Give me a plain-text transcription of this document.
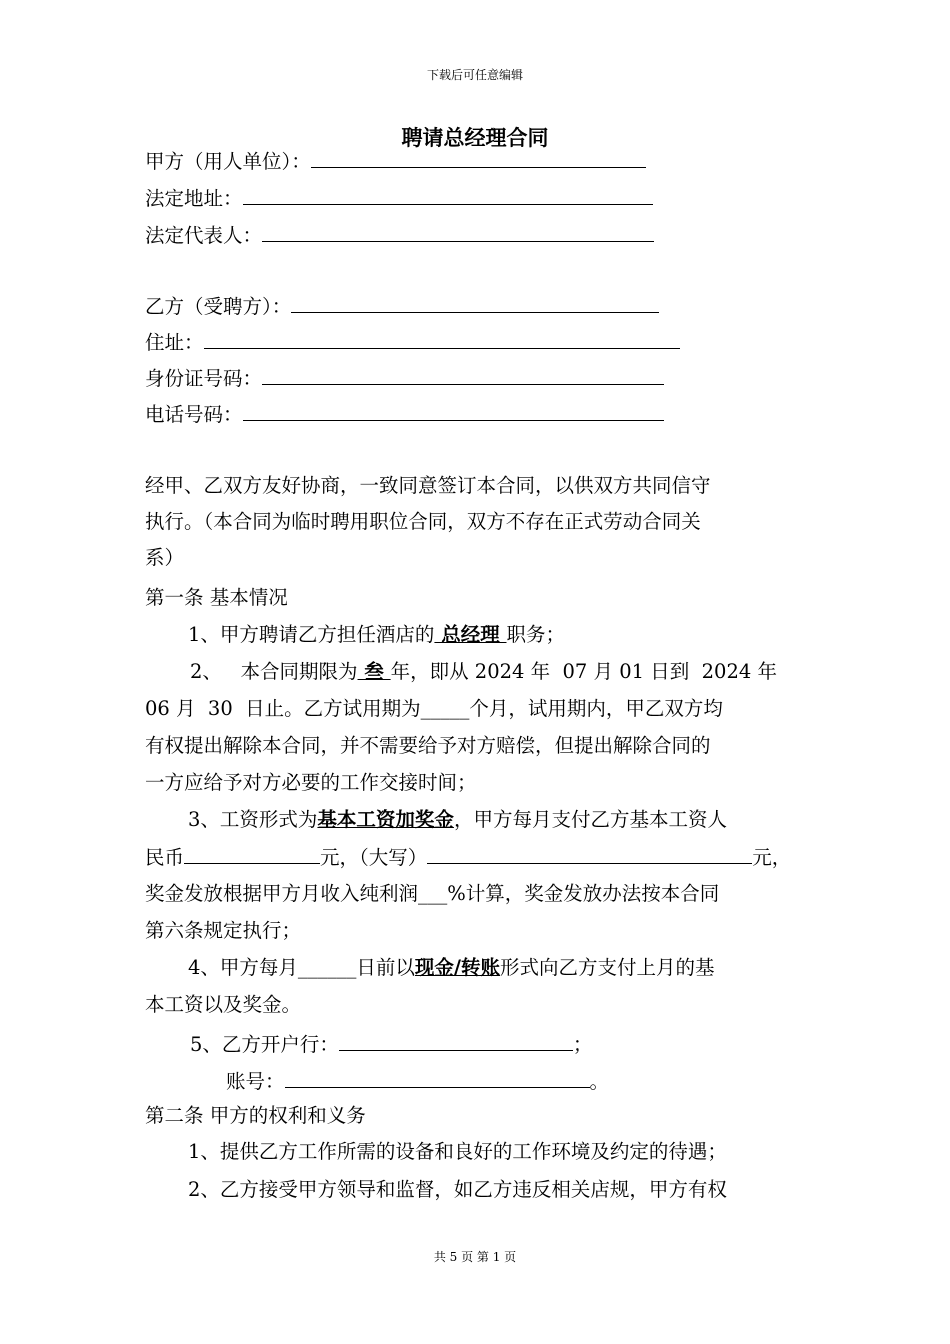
下载后可任意编辑
聘请总经理合同
甲方（用人单位）：
法定地址：
法定代表人：
乙方（受聘方）：
住址：
身份证号码：
电话号码：
经甲、乙双方友好协商，一致同意签订本合同，以供双方共同信守
执行。（本合同为临时聘用职位合同，双方不存在正式劳动合同关
系）
第一条 基本情况
1、甲方聘请乙方担任酒店的 总经理 职务；
2、   本合同期限为 叁 年，即从 2024 年  07 月 01 日到  2024 年
06 月  30  日止。乙方试用期为_____个月，试用期内，甲乙双方均
有权提出解除本合同，并不需要给予对方赔偿，但提出解除合同的
一方应给予对方必要的工作交接时间；
3、工资形式为基本工资加奖金，甲方每月支付乙方基本工资人
民币	元，（大写）	元，
奖金发放根据甲方月收入纯利润___%计算，奖金发放办法按本合同
第六条规定执行；
4、甲方每月______日前以现金/转账形式向乙方支付上月的基
本工资以及奖金。
5、乙方开户行：	；
账号：	。
第二条 甲方的权利和义务
1、提供乙方工作所需的设备和良好的工作环境及约定的待遇；
2、乙方接受甲方领导和监督，如乙方违反相关店规，甲方有权
共 5 页 第 1 页
